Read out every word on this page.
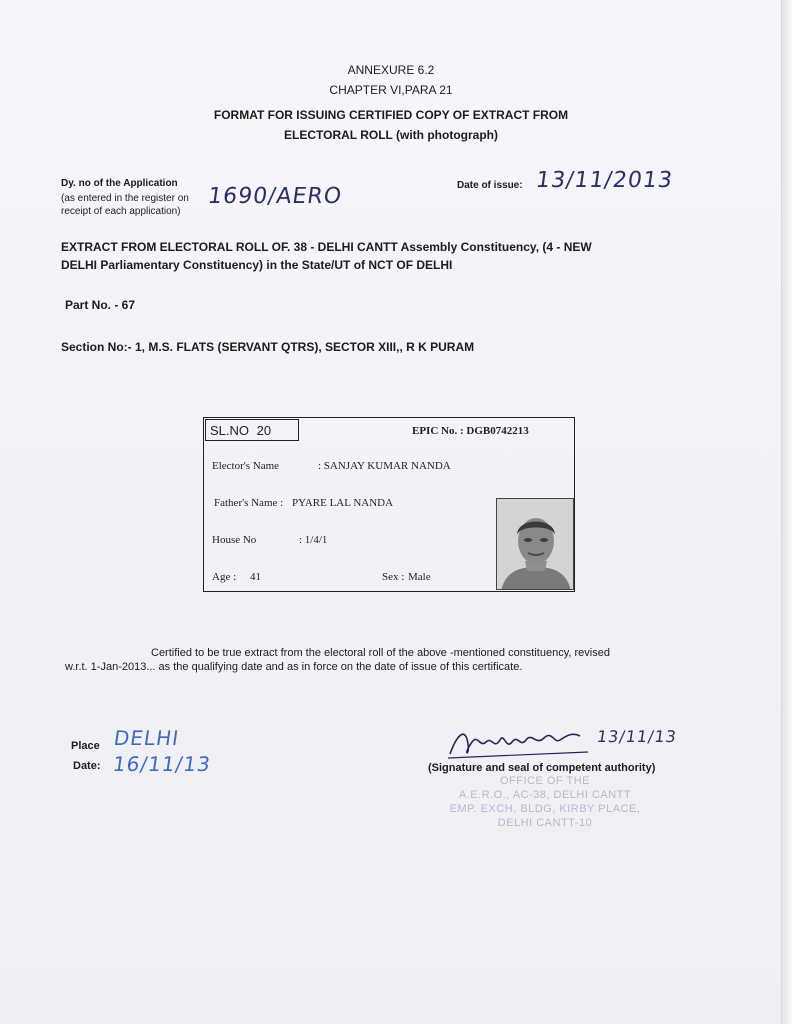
ANNEXURE 6.2
CHAPTER VI,PARA 21
FORMAT FOR ISSUING CERTIFIED COPY OF EXTRACT FROM
ELECTORAL ROLL (with photograph)
Dy. no of the Application
(as entered in the register on
receipt of each application)
1690/AERO	Date of issue: 13/11/2013
EXTRACT FROM ELECTORAL ROLL OF. 38 - DELHI CANTT Assembly Constituency, (4 - NEW
DELHI Parliamentary Constituency) in the State/UT of NCT OF DELHI
Part No. - 67
Section No:- 1, M.S. FLATS (SERVANT QTRS), SECTOR XIII,, R K PURAM
SL.NO 20	EPIC No. : DGB0742213
Elector's Name	: SANJAY KUMAR NANDA
Father's Name : PYARE LAL NANDA
House No	: 1/4/1
Age : 41	Sex : Male
Certified to be true extract from the electoral roll of the above -mentioned constituency, revised
w.r.t. 1-Jan-2013... as the qualifying date and as in force on the date of issue of this certificate.
Place DELHI
Date: 16/11/13
13/11/13
(Signature and seal of competent authority)
OFFICE OF THE
A.E.R.O., AC-38, DELHI CANTT
EMP. EXCH. BLDG, KIRBY PLACE,
DELHI CANTT-10
